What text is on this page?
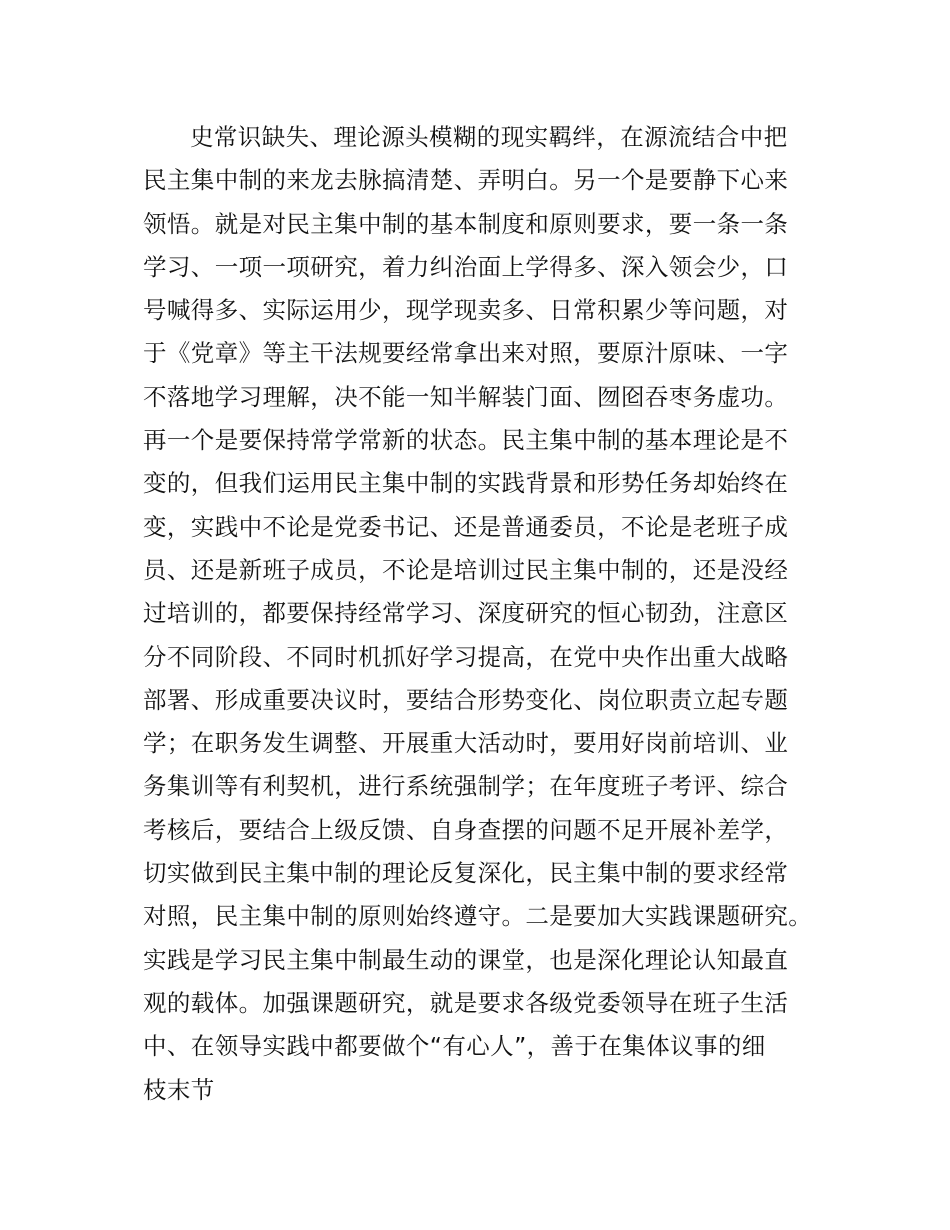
史常识缺失、理论源头模糊的现实羁绊，在源流结合中把
民主集中制的来龙去脉搞清楚、弄明白。另一个是要静下心来
领悟。就是对民主集中制的基本制度和原则要求，要一条一条
学习、一项一项研究，着力纠治面上学得多、深入领会少，口
号喊得多、实际运用少，现学现卖多、日常积累少等问题，对
于《党章》等主干法规要经常拿出来对照，要原汁原味、一字
不落地学习理解，决不能一知半解装门面、囫囵吞枣务虚功。
再一个是要保持常学常新的状态。民主集中制的基本理论是不
变的，但我们运用民主集中制的实践背景和形势任务却始终在
变，实践中不论是党委书记、还是普通委员，不论是老班子成
员、还是新班子成员，不论是培训过民主集中制的，还是没经
过培训的，都要保持经常学习、深度研究的恒心韧劲，注意区
分不同阶段、不同时机抓好学习提高，在党中央作出重大战略
部署、形成重要决议时，要结合形势变化、岗位职责立起专题
学；在职务发生调整、开展重大活动时，要用好岗前培训、业
务集训等有利契机，进行系统强制学；在年度班子考评、综合
考核后，要结合上级反馈、自身查摆的问题不足开展补差学，
切实做到民主集中制的理论反复深化，民主集中制的要求经常
对照，民主集中制的原则始终遵守。二是要加大实践课题研究。
实践是学习民主集中制最生动的课堂，也是深化理论认知最直
观的载体。加强课题研究，就是要求各级党委领导在班子生活
中、在领导实践中都要做个“有心人”，善于在集体议事的细
枝末节
